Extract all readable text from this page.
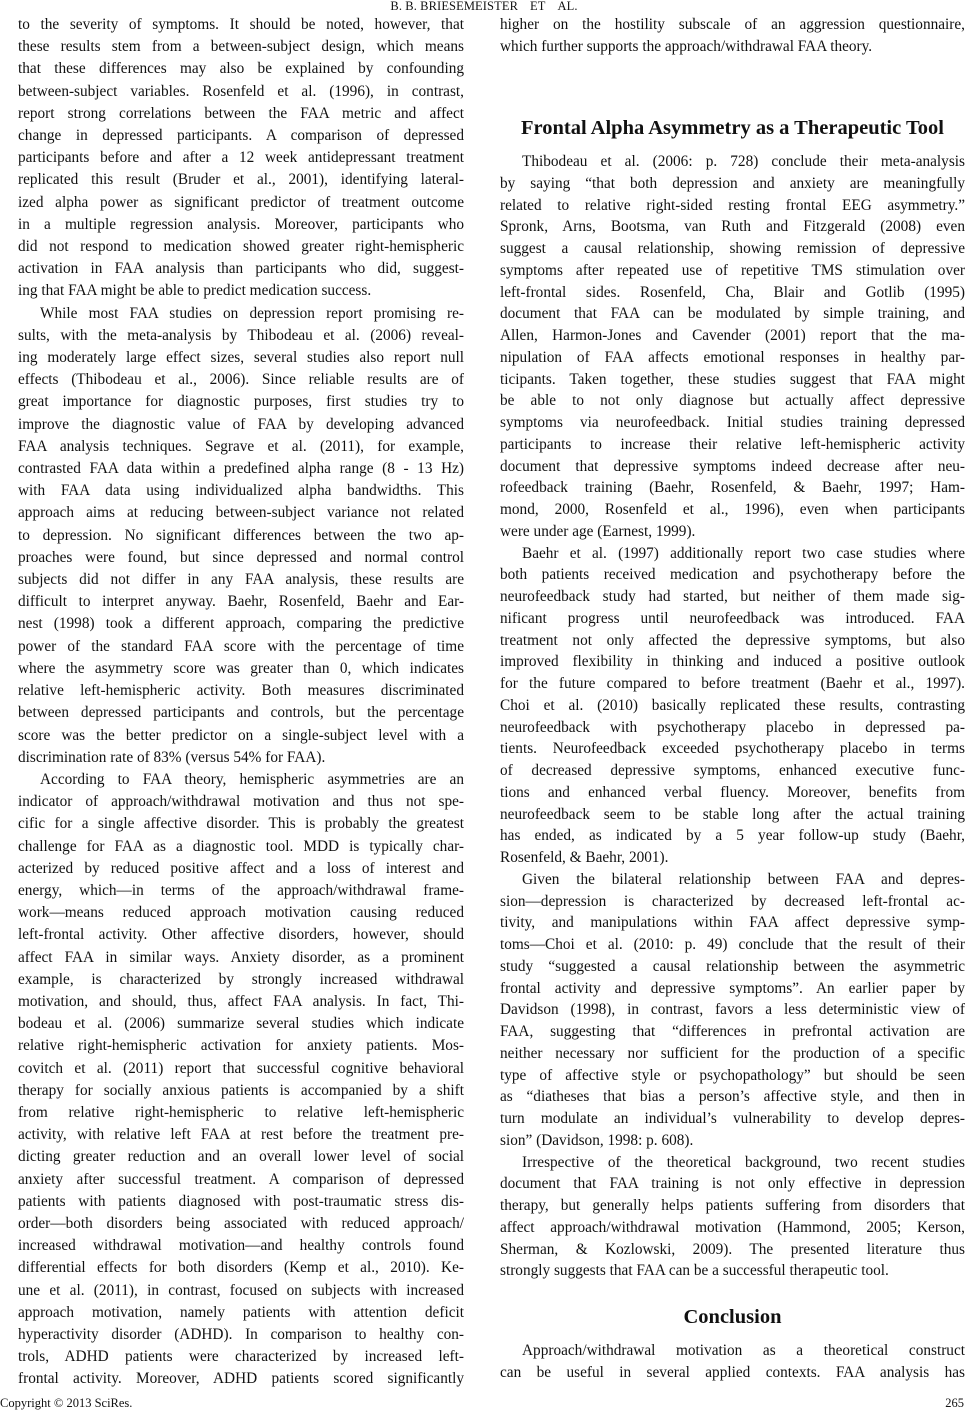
B. B. BRIESEMEISTER ET AL.
to the severity of symptoms. It should be noted, however, that
these results stem from a between-subject design, which means
that these differences may also be explained by confounding
between-subject variables. Rosenfeld et al. (1996), in contrast,
report strong correlations between the FAA metric and affect
change in depressed participants. A comparison of depressed
participants before and after a 12 week antidepressant treatment
replicated this result (Bruder et al., 2001), identifying lateral-
ized alpha power as significant predictor of treatment outcome
in a multiple regression analysis. Moreover, participants who
did not respond to medication showed greater right-hemispheric
activation in FAA analysis than participants who did, suggest-
ing that FAA might be able to predict medication success.
While most FAA studies on depression report promising re-
sults, with the meta-analysis by Thibodeau et al. (2006) reveal-
ing moderately large effect sizes, several studies also report null
effects (Thibodeau et al., 2006). Since reliable results are of
great importance for diagnostic purposes, first studies try to
improve the diagnostic value of FAA by developing advanced
FAA analysis techniques. Segrave et al. (2011), for example,
contrasted FAA data within a predefined alpha range (8 - 13 Hz)
with FAA data using individualized alpha bandwidths. This
approach aims at reducing between-subject variance not related
to depression. No significant differences between the two ap-
proaches were found, but since depressed and normal control
subjects did not differ in any FAA analysis, these results are
difficult to interpret anyway. Baehr, Rosenfeld, Baehr and Ear-
nest (1998) took a different approach, comparing the predictive
power of the standard FAA score with the percentage of time
where the asymmetry score was greater than 0, which indicates
relative left-hemispheric activity. Both measures discriminated
between depressed participants and controls, but the percentage
score was the better predictor on a single-subject level with a
discrimination rate of 83% (versus 54% for FAA).
According to FAA theory, hemispheric asymmetries are an
indicator of approach/withdrawal motivation and thus not spe-
cific for a single affective disorder. This is probably the greatest
challenge for FAA as a diagnostic tool. MDD is typically char-
acterized by reduced positive affect and a loss of interest and
energy, which—in terms of the approach/withdrawal frame-
work—means reduced approach motivation causing reduced
left-frontal activity. Other affective disorders, however, should
affect FAA in similar ways. Anxiety disorder, as a prominent
example, is characterized by strongly increased withdrawal
motivation, and should, thus, affect FAA analysis. In fact, Thi-
bodeau et al. (2006) summarize several studies which indicate
relative right-hemispheric activation for anxiety patients. Mos-
covitch et al. (2011) report that successful cognitive behavioral
therapy for socially anxious patients is accompanied by a shift
from relative right-hemispheric to relative left-hemispheric
activity, with relative left FAA at rest before the treatment pre-
dicting greater reduction and an overall lower level of social
anxiety after successful treatment. A comparison of depressed
patients with patients diagnosed with post-traumatic stress dis-
order—both disorders being associated with reduced approach/
increased withdrawal motivation—and healthy controls found
differential effects for both disorders (Kemp et al., 2010). Ke-
une et al. (2011), in contrast, focused on subjects with increased
approach motivation, namely patients with attention deficit
hyperactivity disorder (ADHD). In comparison to healthy con-
trols, ADHD patients were characterized by increased left-
frontal activity. Moreover, ADHD patients scored significantly
higher on the hostility subscale of an aggression questionnaire,
which further supports the approach/withdrawal FAA theory.
Frontal Alpha Asymmetry as a Therapeutic Tool
Thibodeau et al. (2006: p. 728) conclude their meta-analysis
by saying “that both depression and anxiety are meaningfully
related to relative right-sided resting frontal EEG asymmetry.”
Spronk, Arns, Bootsma, van Ruth and Fitzgerald (2008) even
suggest a causal relationship, showing remission of depressive
symptoms after repeated use of repetitive TMS stimulation over
left-frontal sides. Rosenfeld, Cha, Blair and Gotlib (1995)
document that FAA can be modulated by simple training, and
Allen, Harmon-Jones and Cavender (2001) report that the ma-
nipulation of FAA affects emotional responses in healthy par-
ticipants. Taken together, these studies suggest that FAA might
be able to not only diagnose but actually affect depressive
symptoms via neurofeedback. Initial studies training depressed
participants to increase their relative left-hemispheric activity
document that depressive symptoms indeed decrease after neu-
rofeedback training (Baehr, Rosenfeld, & Baehr, 1997; Ham-
mond, 2000, Rosenfeld et al., 1996), even when participants
were under age (Earnest, 1999).
Baehr et al. (1997) additionally report two case studies where
both patients received medication and psychotherapy before the
neurofeedback study had started, but neither of them made sig-
nificant progress until neurofeedback was introduced. FAA
treatment not only affected the depressive symptoms, but also
improved flexibility in thinking and induced a positive outlook
for the future compared to before treatment (Baehr et al., 1997).
Choi et al. (2010) basically replicated these results, contrasting
neurofeedback with psychotherapy placebo in depressed pa-
tients. Neurofeedback exceeded psychotherapy placebo in terms
of decreased depressive symptoms, enhanced executive func-
tions and enhanced verbal fluency. Moreover, benefits from
neurofeedback seem to be stable long after the actual training
has ended, as indicated by a 5 year follow-up study (Baehr,
Rosenfeld, & Baehr, 2001).
Given the bilateral relationship between FAA and depres-
sion—depression is characterized by decreased left-frontal ac-
tivity, and manipulations within FAA affect depressive symp-
toms—Choi et al. (2010: p. 49) conclude that the result of their
study “suggested a causal relationship between the asymmetric
frontal activity and depressive symptoms”. An earlier paper by
Davidson (1998), in contrast, favors a less deterministic view of
FAA, suggesting that “differences in prefrontal activation are
neither necessary nor sufficient for the production of a specific
type of affective style or psychopathology” but should be seen
as “diatheses that bias a person’s affective style, and then in
turn modulate an individual’s vulnerability to develop depres-
sion” (Davidson, 1998: p. 608).
Irrespective of the theoretical background, two recent studies
document that FAA training is not only effective in depression
therapy, but generally helps patients suffering from disorders that
affect approach/withdrawal motivation (Hammond, 2005; Kerson,
Sherman, & Kozlowski, 2009). The presented literature thus
strongly suggests that FAA can be a successful therapeutic tool.
Conclusion
Approach/withdrawal motivation as a theoretical construct
can be useful in several applied contexts. FAA analysis has
Copyright © 2013 SciRes.	265
